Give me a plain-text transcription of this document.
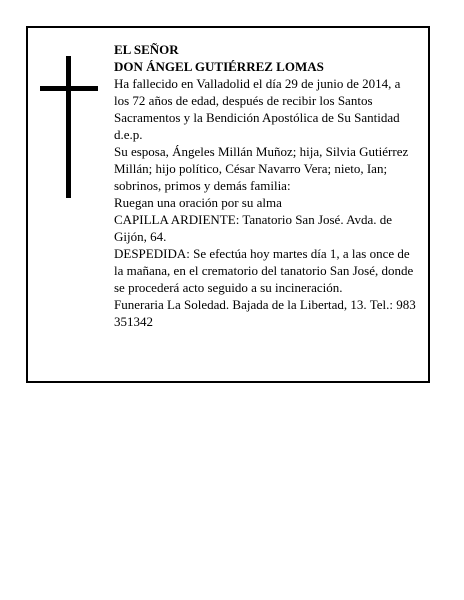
EL SEÑOR

DON ÁNGEL GUTIÉRREZ LOMAS

Ha fallecido en Valladolid el día 29 de junio de 2014, a los 72 años de edad, después de recibir los Santos Sacramentos y la Bendición Apostólica de Su Santidad d.e.p.

Su esposa, Ángeles Millán Muñoz; hija, Silvia Gutiérrez Millán; hijo político, César Navarro Vera; nieto, Ian; sobrinos, primos y demás familia:

Ruegan una oración por su alma

CAPILLA ARDIENTE: Tanatorio San José. Avda. de Gijón, 64.

DESPEDIDA: Se efectúa hoy martes día 1, a las once de la mañana, en el crematorio del tanatorio San José, donde se procederá acto seguido a su incineración.

Funeraria La Soledad. Bajada de la Libertad, 13. Tel.: 983 351342
